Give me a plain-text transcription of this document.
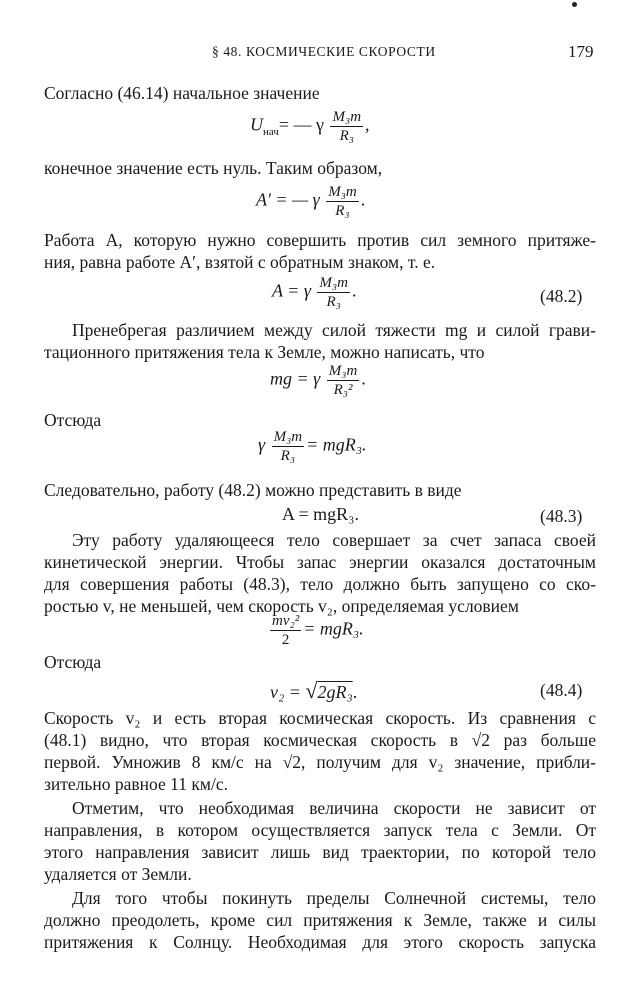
§ 48. КОСМИЧЕСКИЕ СКОРОСТИ	179
Согласно (46.14) начальное значение
$U_{нач}=$ — γ $\frac{\text{M₃m}}{\text{R₃}}$ ,
конечное значение есть нуль. Таким образом,
A′ = — γ $\frac{\text{M₃m}}{\text{R₃}}$ .
Работа A, которую нужно совершить против сил земного притяже-
ния, равна работе A′, взятой с обратным знаком, т. е.
A = γ $\frac{\text{M₃m}}{\text{R₃}}$ .	(48.2)
Пренебрегая различием между силой тяжести mg и силой грави-
тационного притяжения тела к Земле, можно написать, что
mg = γ $\frac{\text{M₃m}}{\text{R₃²}}$ .
Отсюда
γ $\frac{\text{M₃m}}{\text{R₃}} = mgR_3$.
Следовательно, работу (48.2) можно представить в виде
A = mgR₃.	(48.3)
Эту работу удаляющееся тело совершает за счет запаса своей
кинетической энергии. Чтобы запас энергии оказался достаточным
для совершения работы (48.3), тело должно быть запущено со ско-
ростью v, не меньшей, чем скорость v₂, определяемая условием
$\frac{\text{mv₂²}}{2} = mgR_3$.
Отсюда
v₂ = √2gR₃.	(48.4)
Скорость v₂ и есть вторая космическая скорость. Из сравнения с
(48.1) видно, что вторая космическая скорость в √2 раз больше
первой. Умножив 8 км/с на √2, получим для v₂ значение, прибли-
зительно равное 11 км/с.
Отметим, что необходимая величина скорости не зависит от
направления, в котором осуществляется запуск тела с Земли. От
этого направления зависит лишь вид траектории, по которой тело
удаляется от Земли.
Для того чтобы покинуть пределы Солнечной системы, тело
должно преодолеть, кроме сил притяжения к Земле, также и силы
притяжения к Солнцу. Необходимая для этого скорость запуска
